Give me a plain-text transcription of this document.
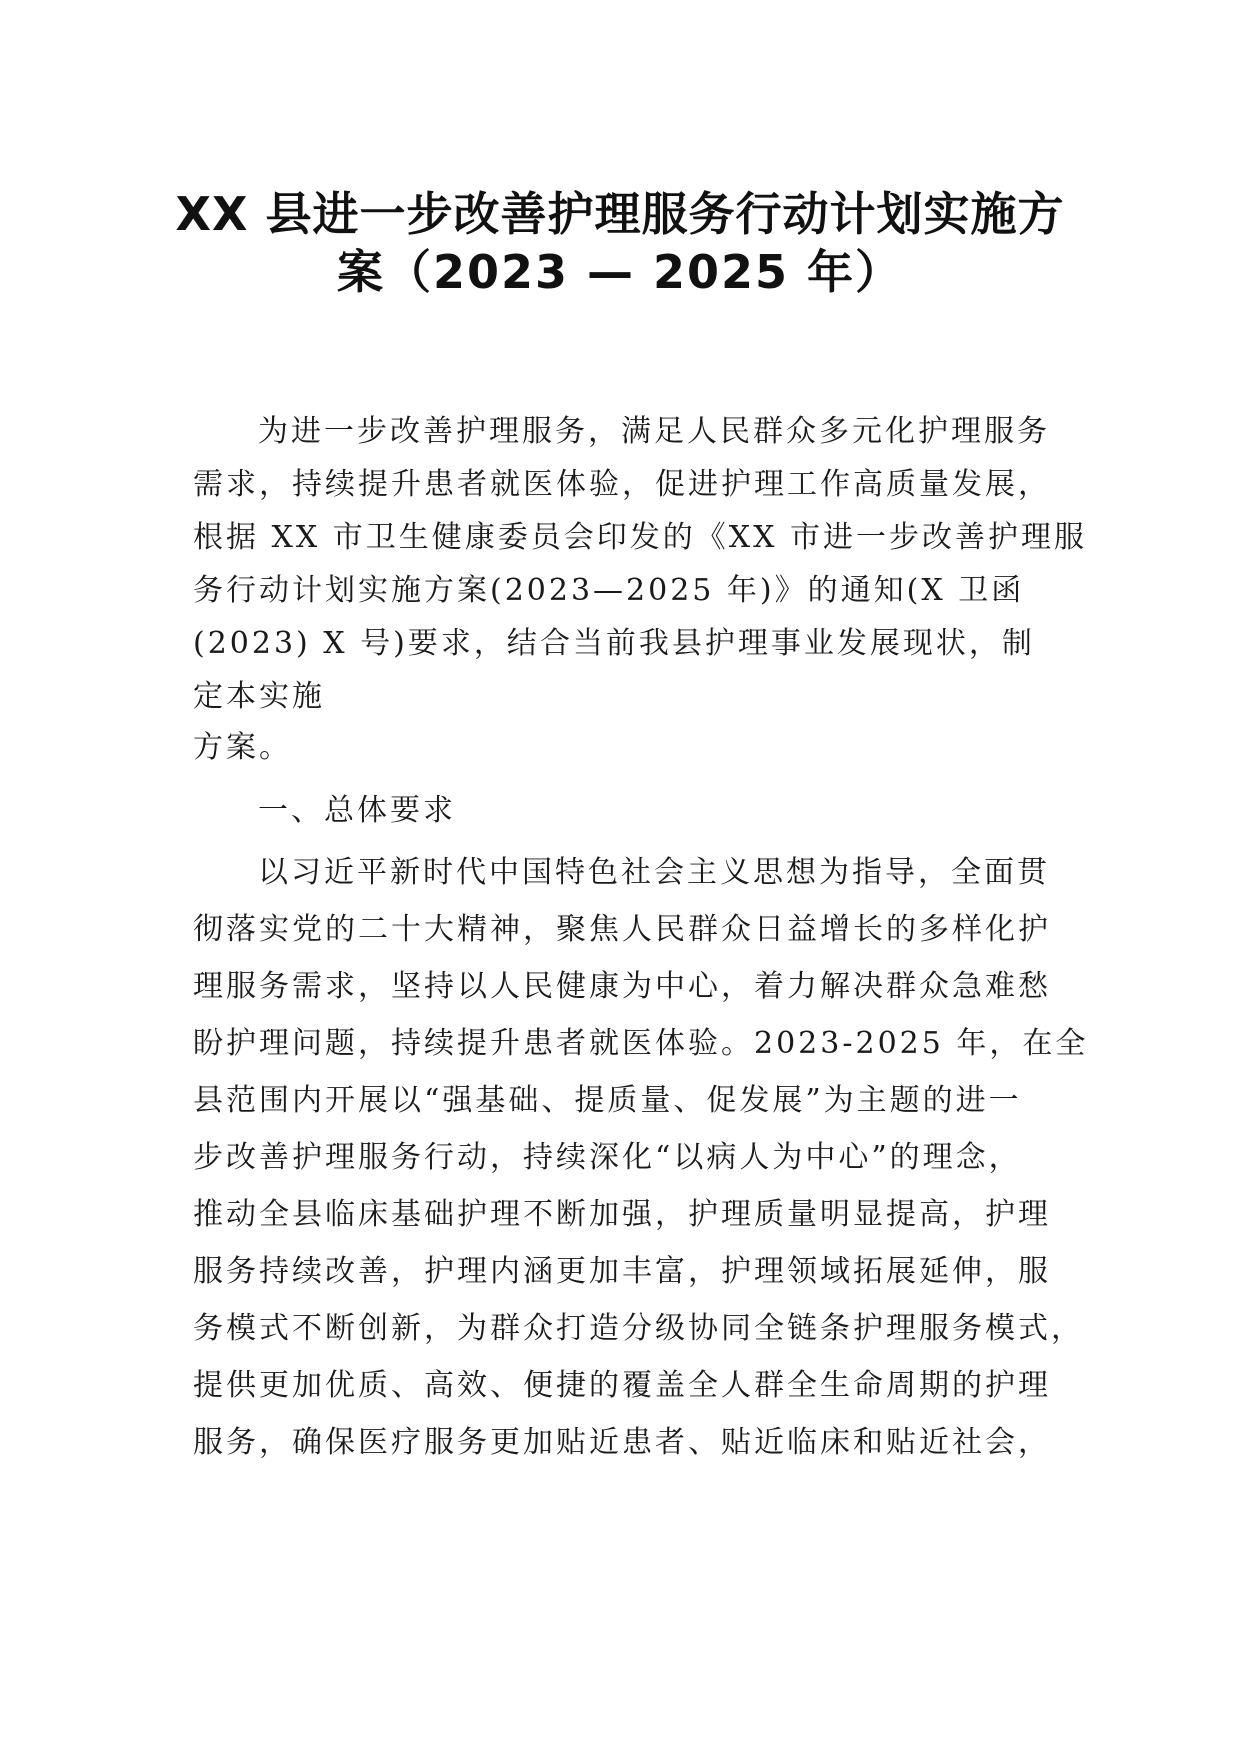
XX 县进一步改善护理服务行动计划实施方
案（2023 — 2025 年）
为进一步改善护理服务，满足人民群众多元化护理服务
需求，持续提升患者就医体验，促进护理工作高质量发展，
根据 XX 市卫生健康委员会印发的《XX 市进一步改善护理服
务行动计划实施方案(2023—2025 年)》的通知(X 卫函
(2023) X 号)要求，结合当前我县护理事业发展现状，制
定本实施
方案。
一、总体要求
以习近平新时代中国特色社会主义思想为指导，全面贯
彻落实党的二十大精神，聚焦人民群众日益增长的多样化护
理服务需求，坚持以人民健康为中心，着力解决群众急难愁
盼护理问题，持续提升患者就医体验。2023-2025 年，在全
县范围内开展以“强基础、提质量、促发展”为主题的进一
步改善护理服务行动，持续深化“以病人为中心”的理念，
推动全县临床基础护理不断加强，护理质量明显提高，护理
服务持续改善，护理内涵更加丰富，护理领域拓展延伸，服
务模式不断创新，为群众打造分级协同全链条护理服务模式，
提供更加优质、高效、便捷的覆盖全人群全生命周期的护理
服务，确保医疗服务更加贴近患者、贴近临床和贴近社会，
